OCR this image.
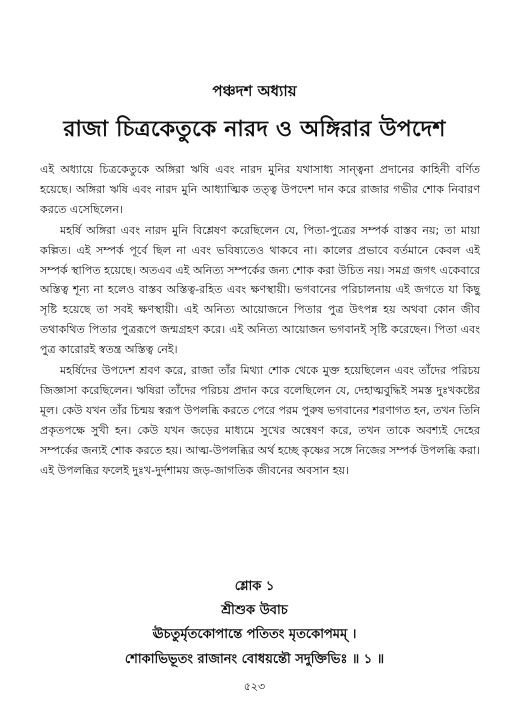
পঞ্চদশ অধ্যায়
রাজা চিত্রকেতুকে নারদ ও অঙ্গিরার উপদেশ

এই অধ্যায়ে চিত্রকেতুকে অঙ্গিরা ঋষি এবং নারদ মুনির যথাসাধ্য সান্ত্বনা প্রদানের কাহিনী বর্ণিত হয়েছে। অঙ্গিরা ঋষি এবং নারদ মুনি আধ্যাত্মিক তত্ত্ব উপদেশ দান করে রাজার গভীর শোক নিবারণ করতে এসেছিলেন।

মহর্ষি অঙ্গিরা এবং নারদ মুনি বিশ্লেষণ করেছিলেন যে, পিতা-পুত্রের সম্পর্ক বাস্তব নয়; তা মায়া কল্পিত। এই সম্পর্ক পূর্বে ছিল না এবং ভবিষ্যতেও থাকবে না। কালের প্রভাবে বর্তমানে কেবল এই সম্পর্ক স্থাপিত হয়েছে। অতএব এই অনিত্য সম্পর্কের জন্য শোক করা উচিত নয়। সমগ্র জগৎ একেবারে অস্তিত্ব শূন্য না হলেও বাস্তব অস্তিত্ব-রহিত এবং ক্ষণস্থায়ী। ভগবানের পরিচালনায় এই জগতে যা কিছু সৃষ্টি হয়েছে তা সবই ক্ষণস্থায়ী। এই অনিত্য আয়োজনে পিতার পুত্র উৎপন্ন হয় অথবা কোন জীব তথাকথিত পিতার পুত্ররূপে জন্মগ্রহণ করে। এই অনিত্য আয়োজন ভগবানই সৃষ্টি করেছেন। পিতা এবং পুত্র কারোরই স্বতন্ত্র অস্তিত্ব নেই।

মহর্ষিদের উপদেশ শ্রবণ করে, রাজা তাঁর মিথ্যা শোক থেকে মুক্ত হয়েছিলেন এবং তাঁদের পরিচয় জিজ্ঞাসা করেছিলেন। ঋষিরা তাঁদের পরিচয় প্রদান করে বলেছিলেন যে, দেহাত্মবুদ্ধিই সমস্ত দুঃখকষ্টের মূল। কেউ যখন তাঁর চিন্ময় স্বরূপ উপলব্ধি করতে পেরে পরম পুরুষ ভগবানের শরণাগত হন, তখন তিনি প্রকৃতপক্ষে সুখী হন। কেউ যখন জড়ের মাধ্যমে সুখের অন্বেষণ করে, তখন তাকে অবশ্যই দেহের সম্পর্কের জন্যই শোক করতে হয়। আত্ম-উপলব্ধির অর্থ হচ্ছে কৃষ্ণের সঙ্গে নিজের সম্পর্ক উপলব্ধি করা। এই উপলব্ধির ফলেই দুঃখ-দুর্দশাময় জড়-জাগতিক জীবনের অবসান হয়।

শ্লোক ১
শ্রীশুক উবাচ
ঊচতুর্মৃতকোপান্তে পতিতং মৃতকোপমম্ ।
শোকাভিভূতং রাজানং বোধয়ন্তৌ সদুক্তিভিঃ ॥ ১ ॥
৫২৩
